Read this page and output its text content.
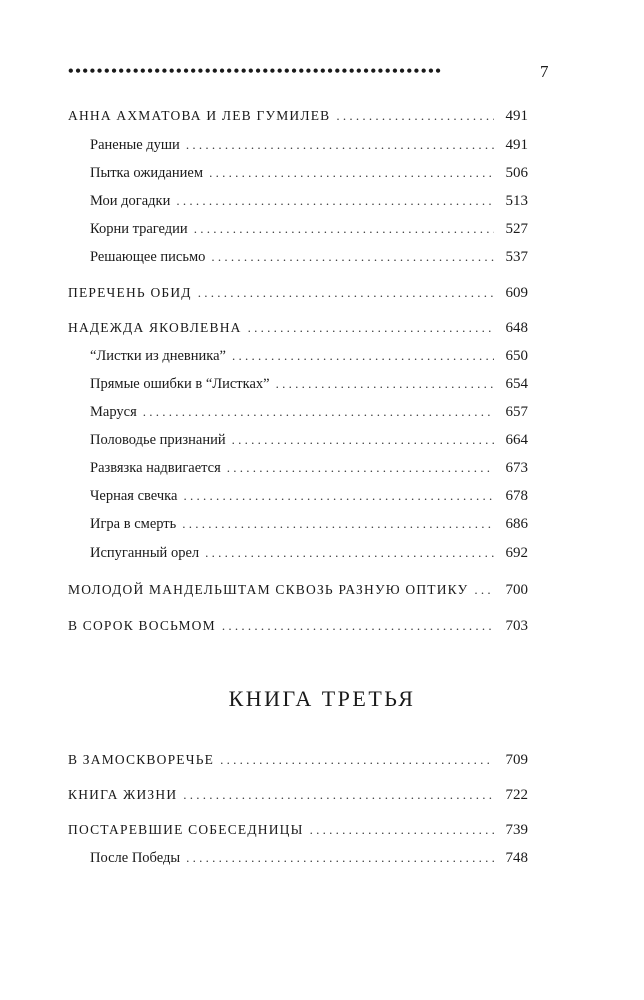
••••••••••••••••••••••••••••••••••••••••••••••••••••	7
АННА АХМАТОВА И ЛЕВ ГУМИЛЕВ . . .	491
Раненые души . . .	491
Пытка ожиданием . . .	506
Мои догадки . . .	513
Корни трагедии . . .	527
Решающее письмо . . .	537
ПЕРЕЧЕНЬ ОБИД . . .	609
НАДЕЖДА ЯКОВЛЕВНА . . .	648
“Листки из дневника” . . .	650
Прямые ошибки в “Листках” . . .	654
Маруся . . .	657
Половодье признаний . . .	664
Развязка надвигается . . .	673
Черная свечка . . .	678
Игра в смерть . . .	686
Испуганный орел . . .	692
МОЛОДОЙ МАНДЕЛЬШТАМ СКВОЗЬ РАЗНУЮ ОПТИКУ . . .	700
В СОРОК ВОСЬМОМ . . .	703
В ЗАМОСКВОРЕЧЬЕ . . .	709
КНИГА ЖИЗНИ . . .	722
ПОСТАРЕВШИЕ СОБЕСЕДНИЦЫ . . .	739
После Победы . . .	748
КНИГА ТРЕТЬЯ
